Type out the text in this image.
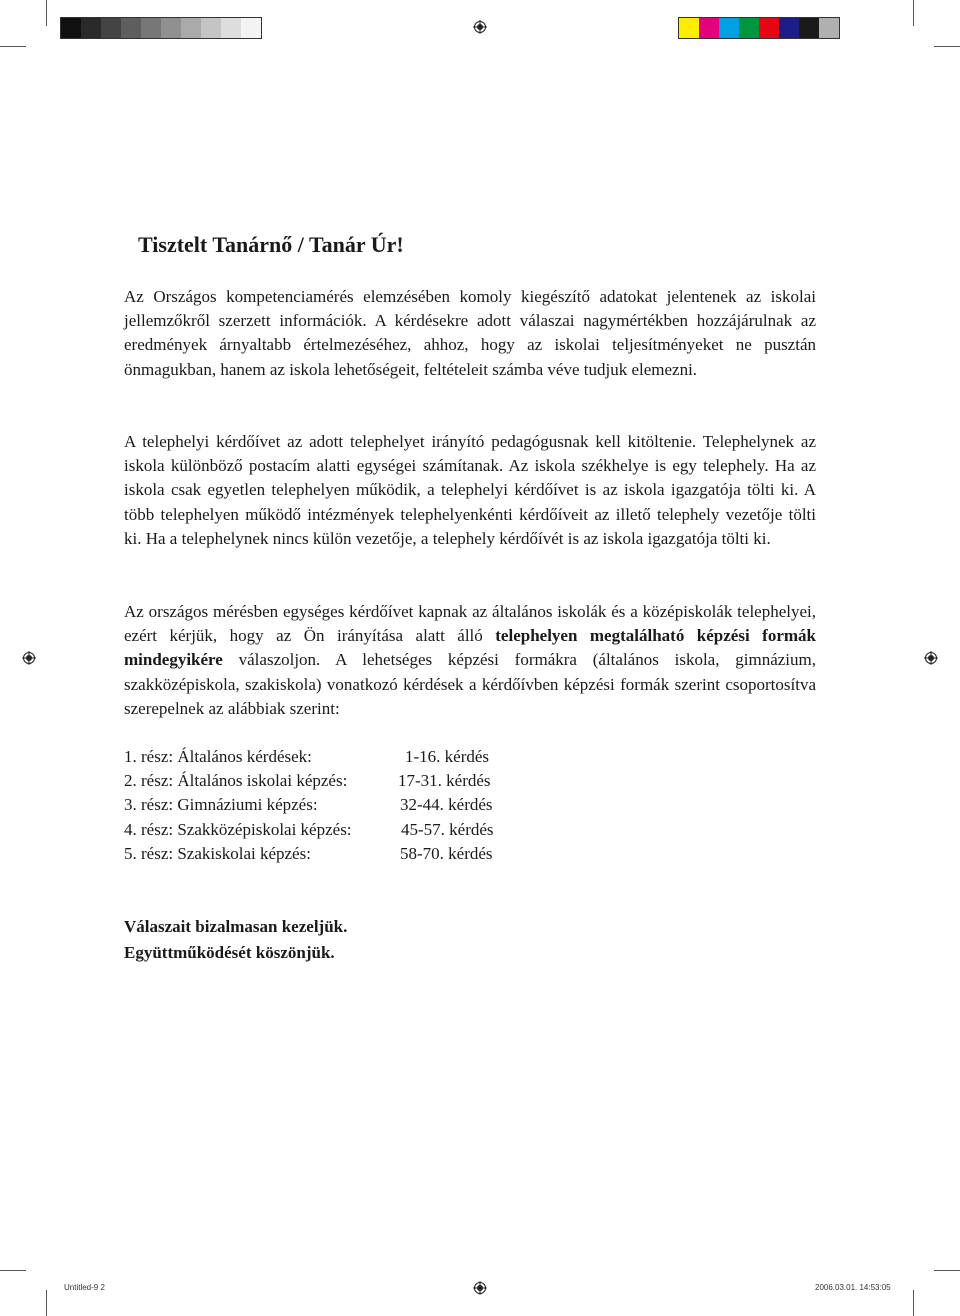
Tisztelt Tanárnő / Tanár Úr!

Az Országos kompetenciamérés elemzésében komoly kiegészítő adatokat jelentenek az iskolai jellemzőkről szerzett információk. A kérdésekre adott válaszai nagymértékben hozzájárulnak az eredmények árnyaltabb értelmezéséhez, ahhoz, hogy az iskolai teljesítményeket ne pusztán önmagukban, hanem az iskola lehetőségeit, feltételeit számba véve tudjuk elemezni.

A telephelyi kérdőívet az adott telephelyet irányító pedagógusnak kell kitöltenie. Telephelynek az iskola különböző postacím alatti egységei számítanak. Az iskola székhelye is egy telephely. Ha az iskola csak egyetlen telephelyen működik, a telephelyi kérdőívet is az iskola igazgatója tölti ki. A több telephelyen működő intézmények telephelyenkénti kérdőíveit az illető telephely vezetője tölti ki. Ha a telephelynek nincs külön vezetője, a telephely kérdőívét is az iskola igazgatója tölti ki.

Az országos mérésben egységes kérdőívet kapnak az általános iskolák és a középiskolák telephelyei, ezért kérjük, hogy az Ön irányítása alatt álló telephelyen megtalálható képzési formák mindegyikére válaszoljon. A lehetséges képzési formákra (általános iskola, gimnázium, szakközépiskola, szakiskola) vonatkozó kérdések a kérdőívben képzési formák szerint csoportosítva szerepelnek az alábbiak szerint:

1. rész: Általános kérdések:	1-16. kérdés
2. rész: Általános iskolai képzés:	17-31. kérdés
3. rész: Gimnáziumi képzés:	32-44. kérdés
4. rész: Szakközépiskolai képzés:	45-57. kérdés
5. rész: Szakiskolai képzés:	58-70. kérdés
Válaszait bizalmasan kezeljük.
Együttműködését köszönjük.
Untitled-9 2	2006.03.01. 14:53:05
